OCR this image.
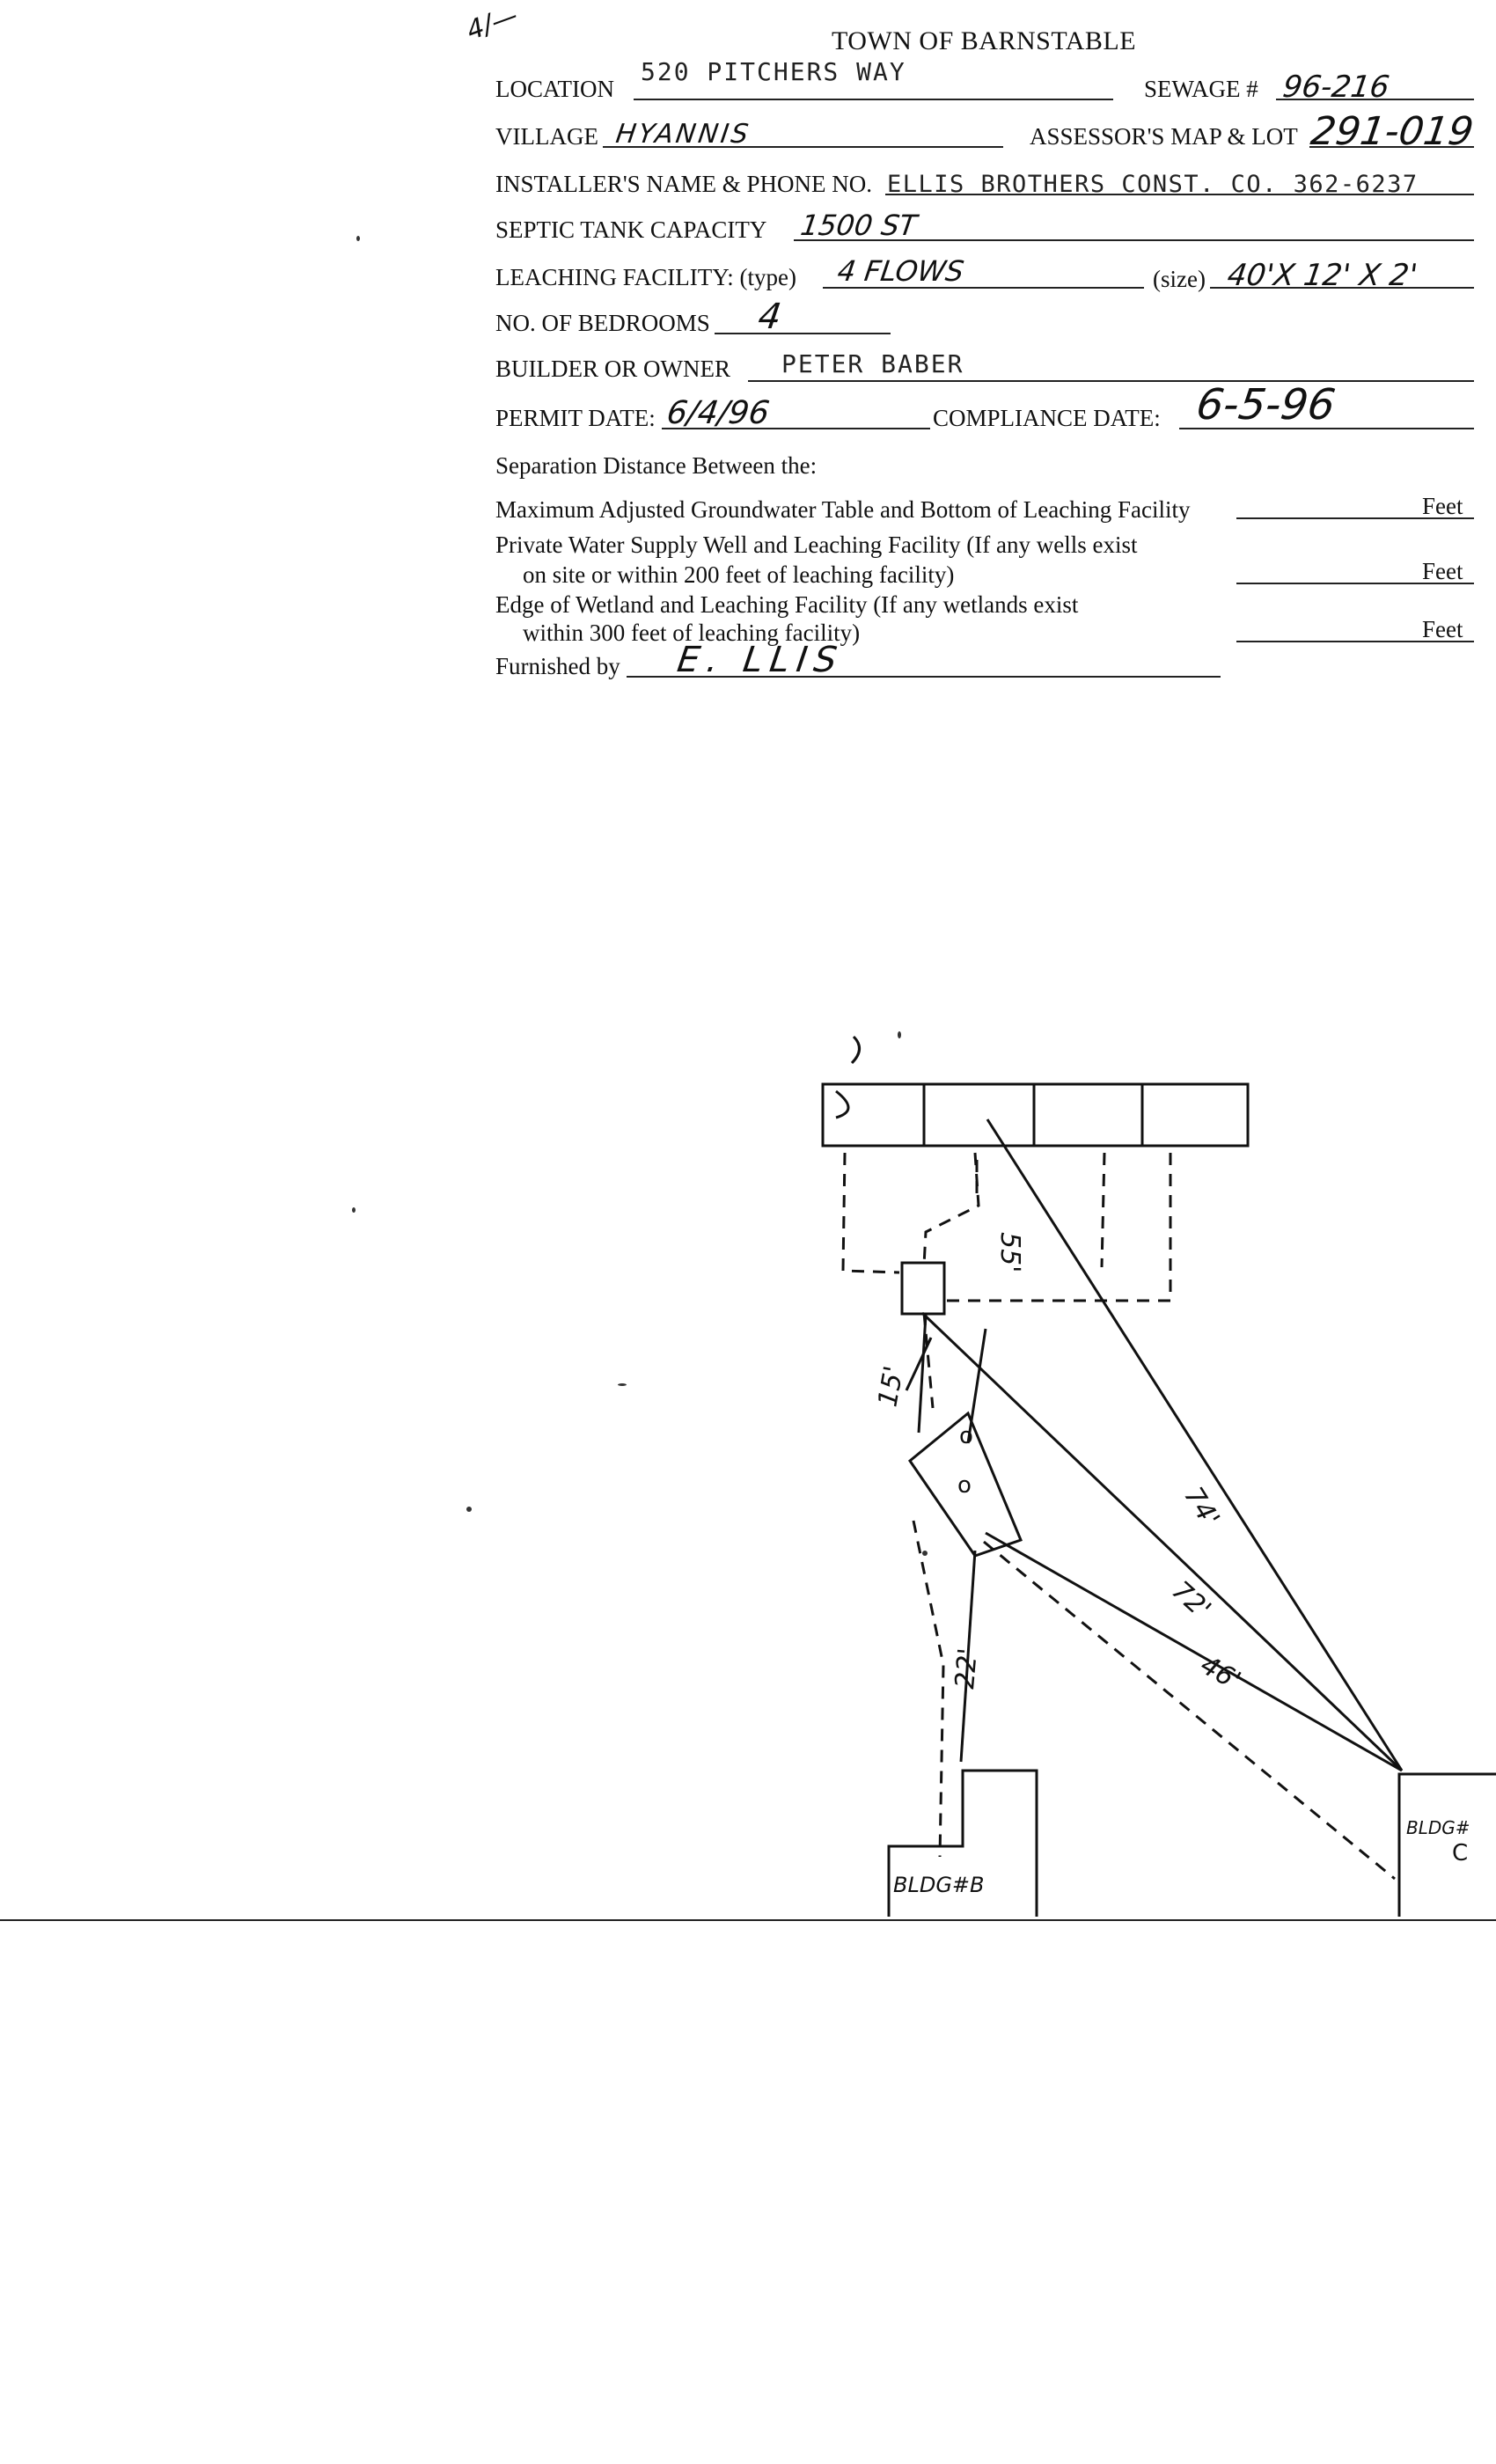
4/—	TOWN OF BARNSTABLE
LOCATION
520 PITCHERS WAY
SEWAGE # 96-216
VILLAGE HYANNIS	ASSESSOR'S MAP & LOT 291-019
INSTALLER'S NAME & PHONE NO. ELLIS BROTHERS CONST. CO. 362-6237
SEPTIC TANK CAPACITY 1500 ST
LEACHING FACILITY: (type) 4 FLOWS	(size) 40'X 12' X 2'
NO. OF BEDROOMS 4
BUILDER OR OWNER PETER BABER
PERMIT DATE: 6/4/96	COMPLIANCE DATE: 6-5-96
Separation Distance Between the:
Maximum Adjusted Groundwater Table and Bottom of Leaching Facility	Feet
Private Water Supply Well and Leaching Facility (If any wells exist
on site or within 200 feet of leaching facility)	Feet
Edge of Wetland and Leaching Facility (If any wetlands exist
within 300 feet of leaching facility)	Feet
Furnished by E. LLIS
55'
15'
74'
72'
46'
22'
o
o
BLDG#B
BLDG#
C
